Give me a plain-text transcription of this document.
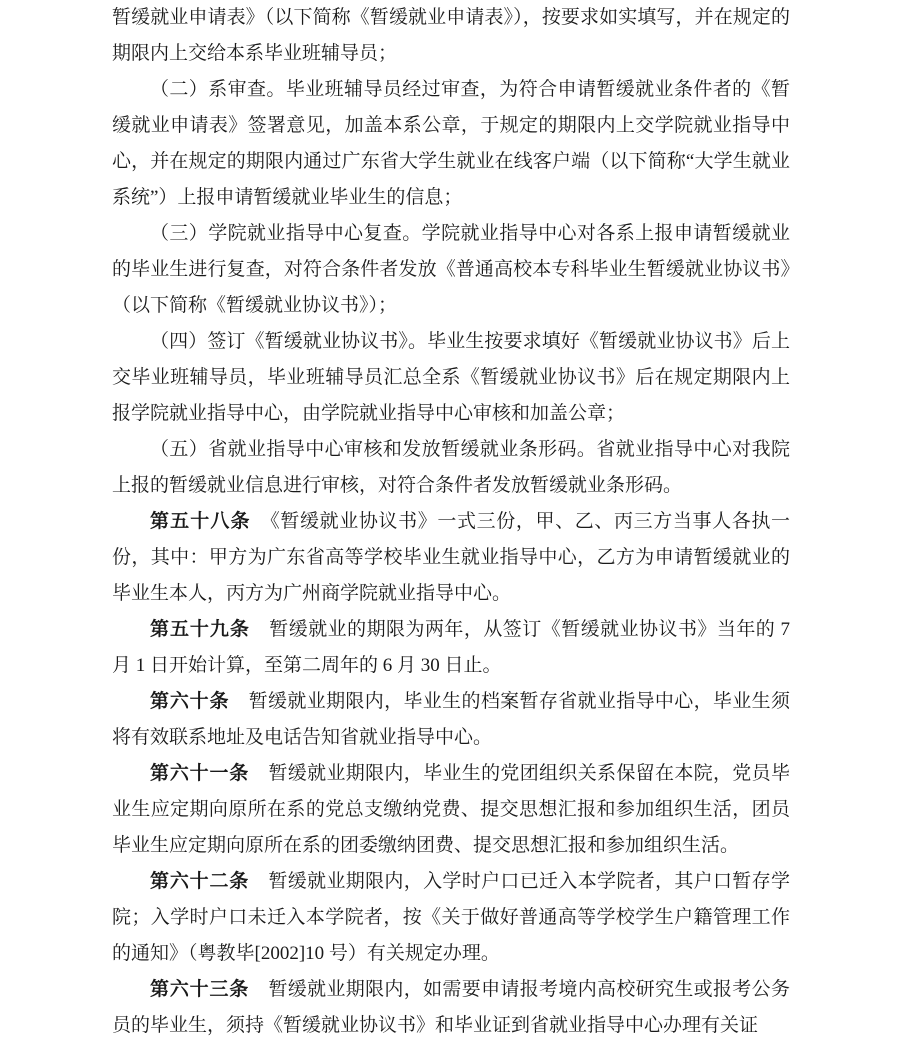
暂缓就业申请表》（以下简称《暂缓就业申请表》），按要求如实填写，并在规定的期限内上交给本系毕业班辅导员；

（二）系审查。毕业班辅导员经过审查，为符合申请暂缓就业条件者的《暂缓就业申请表》签署意见，加盖本系公章，于规定的期限内上交学院就业指导中心，并在规定的期限内通过广东省大学生就业在线客户端（以下简称“大学生就业系统”）上报申请暂缓就业毕业生的信息；

（三）学院就业指导中心复查。学院就业指导中心对各系上报申请暂缓就业的毕业生进行复查，对符合条件者发放《普通高校本专科毕业生暂缓就业协议书》（以下简称《暂缓就业协议书》）；

（四）签订《暂缓就业协议书》。毕业生按要求填好《暂缓就业协议书》后上交毕业班辅导员，毕业班辅导员汇总全系《暂缓就业协议书》后在规定期限内上报学院就业指导中心，由学院就业指导中心审核和加盖公章；

（五）省就业指导中心审核和发放暂缓就业条形码。省就业指导中心对我院上报的暂缓就业信息进行审核，对符合条件者发放暂缓就业条形码。

第五十八条 《暂缓就业协议书》一式三份，甲、乙、丙三方当事人各执一份，其中：甲方为广东省高等学校毕业生就业指导中心，乙方为申请暂缓就业的毕业生本人，丙方为广州商学院就业指导中心。

第五十九条 暂缓就业的期限为两年，从签订《暂缓就业协议书》当年的 7 月 1 日开始计算，至第二周年的 6 月 30 日止。

第六十条 暂缓就业期限内，毕业生的档案暂存省就业指导中心，毕业生须将有效联系地址及电话告知省就业指导中心。

第六十一条 暂缓就业期限内，毕业生的党团组织关系保留在本院，党员毕业生应定期向原所在系的党总支缴纳党费、提交思想汇报和参加组织生活，团员毕业生应定期向原所在系的团委缴纳团费、提交思想汇报和参加组织生活。

第六十二条 暂缓就业期限内，入学时户口已迁入本学院者，其户口暂存学院；入学时户口未迁入本学院者，按《关于做好普通高等学校学生户籍管理工作的通知》（粤教毕[2002]10 号）有关规定办理。

第六十三条 暂缓就业期限内，如需要申请报考境内高校研究生或报考公务员的毕业生，须持《暂缓就业协议书》和毕业证到省就业指导中心办理有关证
